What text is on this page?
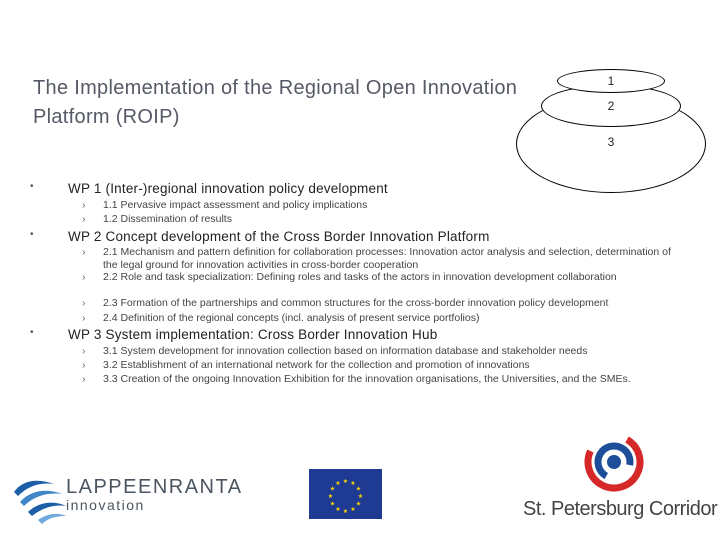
The Implementation of the Regional Open Innovation Platform (ROIP)
3
2
1
•	WP 1 (Inter-)regional innovation policy development
› 1.1 Pervasive impact assessment and policy implications
› 1.2 Dissemination of results
•	WP 2 Concept development of the Cross Border Innovation Platform
› 2.1 Mechanism and pattern definition for collaboration processes: Innovation actor analysis and selection, determination of the legal ground for innovation activities in cross-border cooperation
› 2.2 Role and task specialization: Defining roles and tasks of the actors in innovation development collaboration
› 2.3 Formation of the partnerships and common structures for the cross-border innovation policy development
› 2.4 Definition of the regional concepts (incl. analysis of present service portfolios)
•	WP 3 System implementation: Cross Border Innovation Hub
› 3.1 System development for innovation collection based on information database and stakeholder needs
› 3.2 Establishment of an international network for the collection and promotion of innovations
› 3.3 Creation of the ongoing Innovation Exhibition for the innovation organisations, the Universities, and the SMEs.
LAPPEENRANTA
innovation
★ ★
★
★
★
★
★
★
★
★
★
★
St. Petersburg Corridor
